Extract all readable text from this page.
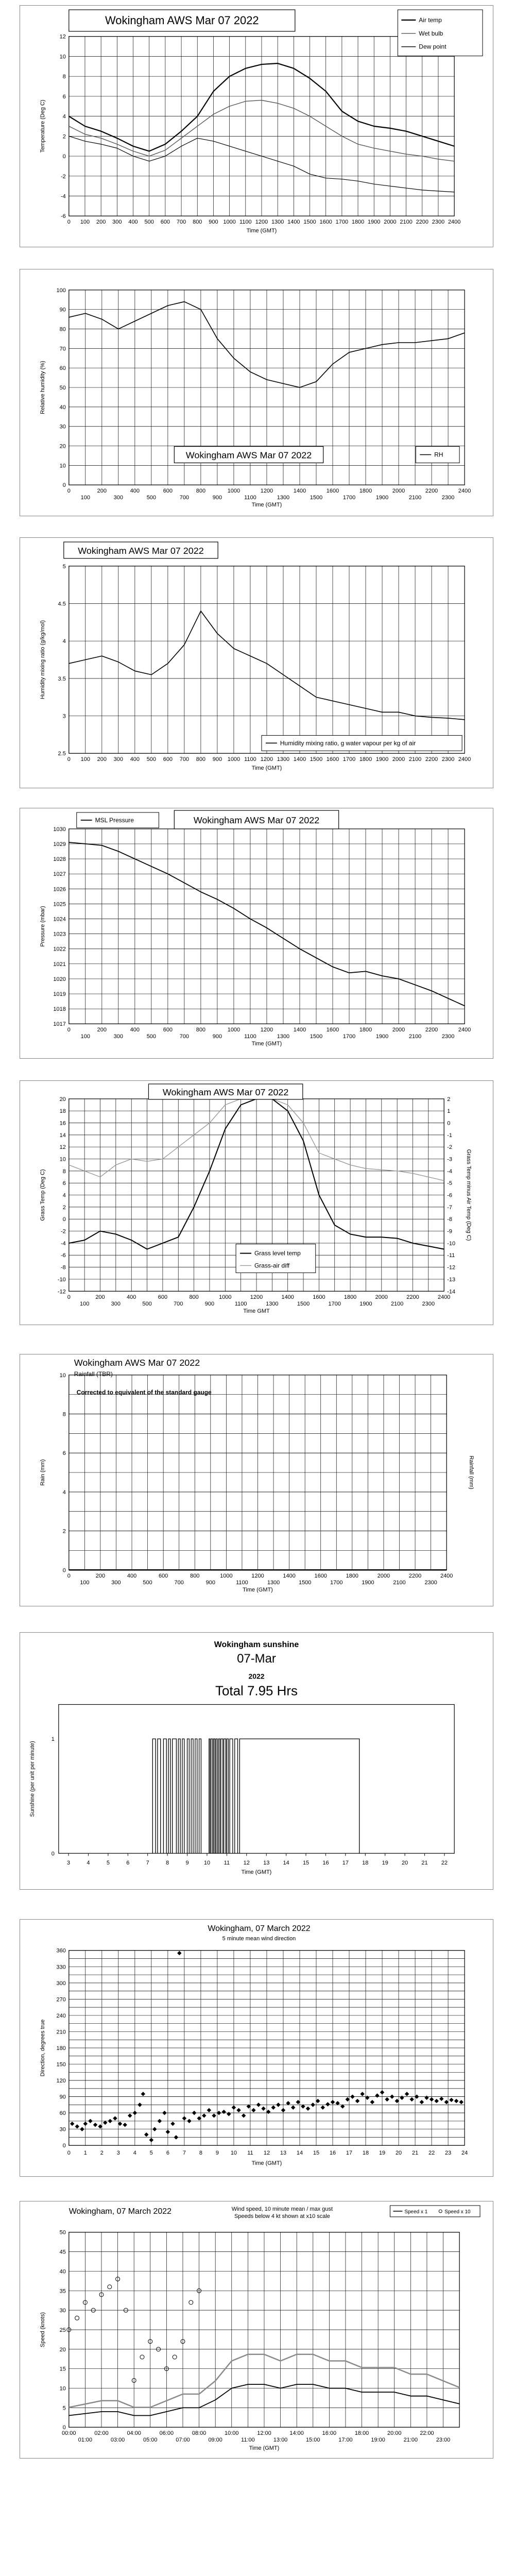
-6
-4
-2
0
2
4
6
8
10
12
0 100 200 300 400 500 600 700 800 900 1000 1100 1200 1300 1400 1500 1600 1700 1800 1900 2000 2100 2200 2300 2400
Time (GMT)
Temperature (Deg C)
Wokingham AWS Mar 07 2022	Air temp
Wet bulb
Dew point
0
10
20
30
40
50
60
70
80
90
100
0	200	400	600	800	1000	1200	1400	1600	1800	2000	2200	2400
100	300	500	700	900	1100	1300	1500	1700	1900	2100	2300
Time (GMT)
Relative humidity (%)
Wokingham AWS Mar 07 2022	RH
2.5
3
3.5
4
4.5
5
0 100 200 300 400 500 600 700 800 900 1000 1100 1200 1300 1400 1500 1600 1700 1800 1900 2000 2100 2200 2300 2400
Time (GMT)
Humidity mixing ratio (g/kg/mol)
Wokingham AWS Mar 07 2022
Humidity mixing ratio, g water vapour per kg of air
1017
1018
1019
1020
1021
1022
1023
1024
1025
1026
1027
1028
1029
1030
0	200	400	600	800	1000	1200	1400	1600	1800	2000	2200	2400
100	300	500	700	900	1100	1300	1500	1700	1900	2100	2300
Time (GMT)
Pressure (mbar)
MSL Pressure	Wokingham AWS Mar 07 2022
-12
-10
-8
-6
-4
-2
0
2
4
6
8
10
12
14
16
18
20
-14
-13
-12
-11
-10
-9
-8
-7
-6
-5
-4
-3
-2
-1
0
1
2
0	200	400	600	800	1000	1200	1400	1600	1800	2000	2200	2400
100	300	500	700	900	1100	1300	1500	1700	1900	2100	2300
Time GMT
Grass Temp (Deg C)	Grass Temp minus Air Temp (Deg C)
Wokingham AWS Mar 07 2022
Grass level temp
Grass-air diff
0
2
4
6
8
10
0	200	400	600	800	1000	1200	1400	1600	1800	2000	2200	2400
100	300	500	700	900	1100	1300	1500	1700	1900	2100	2300
Time (GMT)
Rain (mm)	Rainfall (mm)
Wokingham AWS Mar 07 2022
Rainfall (TBR)
Corrected to equivalent of the standard gauge
3	4	5	6	7	8	9	10 11 12 13 14 15 16 17 18 19 20 21 22
0
1
Time (GMT)
Sunshine (per unit per minute)
Wokingham sunshine
07-Mar
2022
Total 7.95 Hrs
0
30
60
90
120
150
180
210
240
270
300
330
360
0 1 2 3 4 5 6 7 8 9 10 11 12 13 14 15 16 17 18 19 20 21 22 23 24
Time (GMT)
Direction, degrees true
Wokingham, 07 March 2022
5 minute mean wind direction
0
5
10
15
20
25
30
35
40
45
50
00:00	02:00	04:00	06:00	08:00	10:00	12:00	14:00	16:00	18:00	20:00	22:00
01:00	03:00	05:00	07:00	09:00	11:00	13:00	15:00	17:00	19:00	21:00	23:00
Time (GMT)
Speed (knots)
Wokingham, 07 March 2022	Wind speed, 10 minute mean / max gust
Speeds below 4 kt shown at x10 scale
Speed x 1	Speed x 10
